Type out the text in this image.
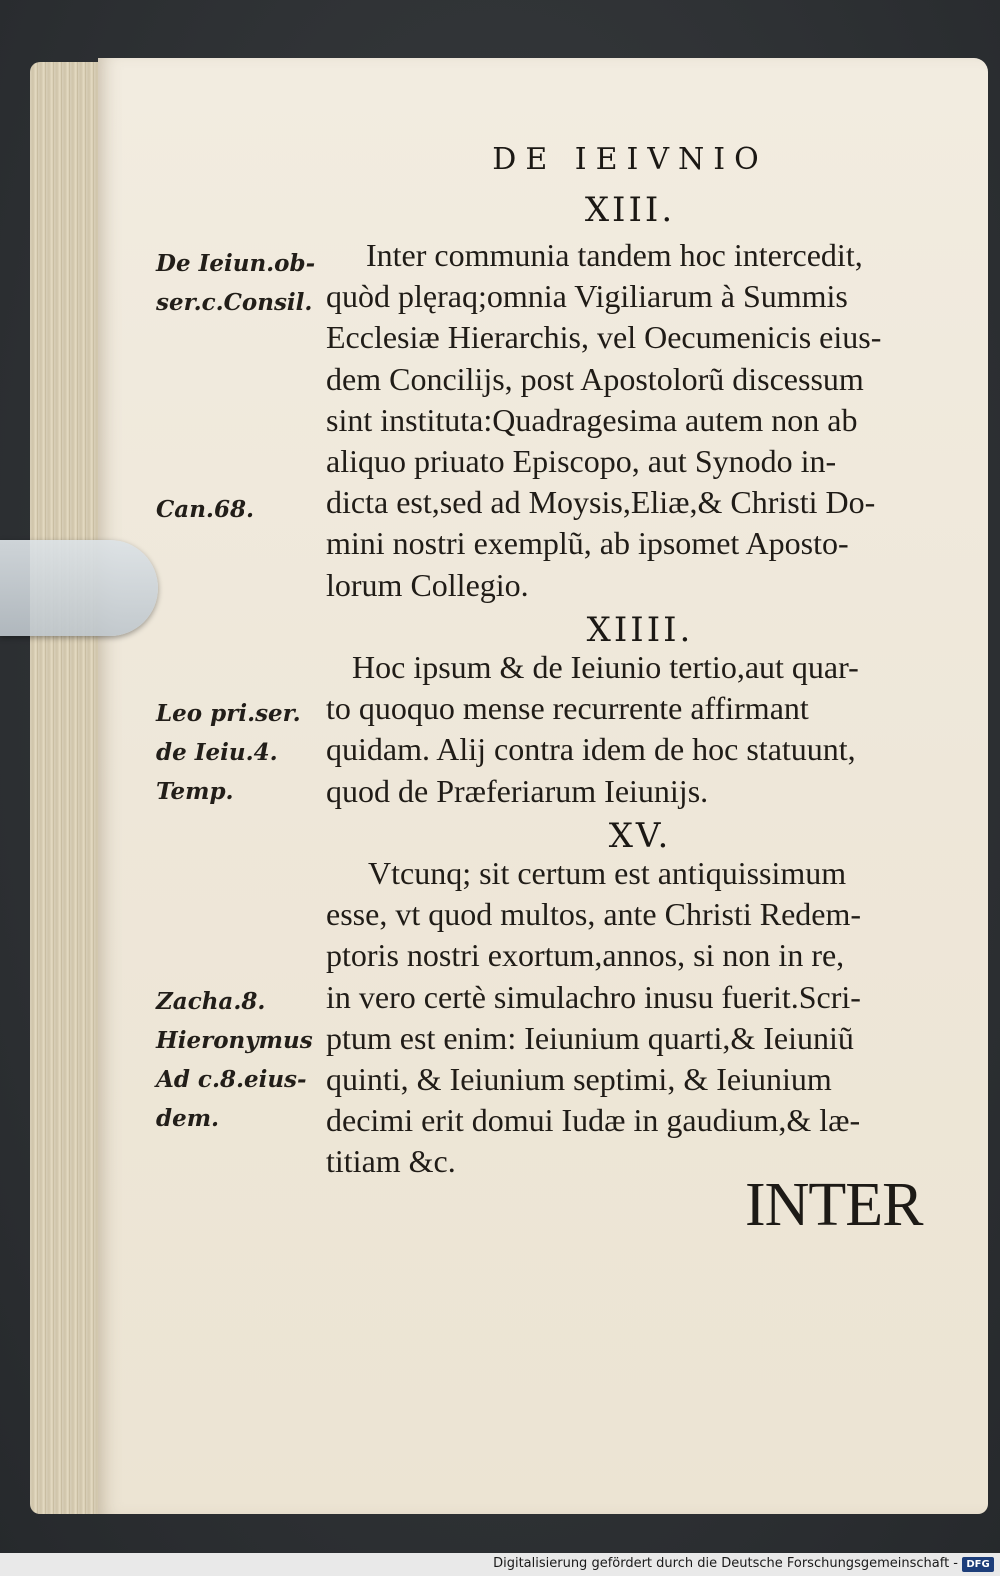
DE IEIVNIO
XIII.
Inter communia tandem hoc intercedit,
quòd plęraq;omnia Vigiliarum à Summis
Ecclesiæ Hierarchis, vel Oecumenicis eius-
dem Concilijs, post Apostolorũ discessum
sint instituta:Quadragesima autem non ab
aliquo priuato Episcopo, aut Synodo in-
dicta est,sed ad Moysis,Eliæ,& Christi Do-
mini nostri exemplũ, ab ipsomet Aposto-
lorum Collegio.
XIIII.
Hoc ipsum & de Ieiunio tertio,aut quar-
to quoquo mense recurrente affirmant
quidam. Alij contra idem de hoc statuunt,
quod de Præferiarum Ieiunijs.
XV.
Vtcunq; sit certum est antiquissimum
esse, vt quod multos, ante Christi Redem-
ptoris nostri exortum,annos, si non in re,
in vero certè simulachro inusu fuerit.Scri-
ptum est enim: Ieiunium quarti,& Ieiuniũ
quinti, & Ieiunium septimi, & Ieiunium
decimi erit domui Iudæ in gaudium,& læ-
titiam &c.
De Ieiun.ob-
ser.c.Consil.
Can.68.
Leo pri.ser.
de Ieiu.4.
Temp.
Zacha.8.
Hieronymus
Ad c.8.eius-
dem.
INTER
Digitalisierung gefördert durch die Deutsche Forschungsgemeinschaft - DFG
